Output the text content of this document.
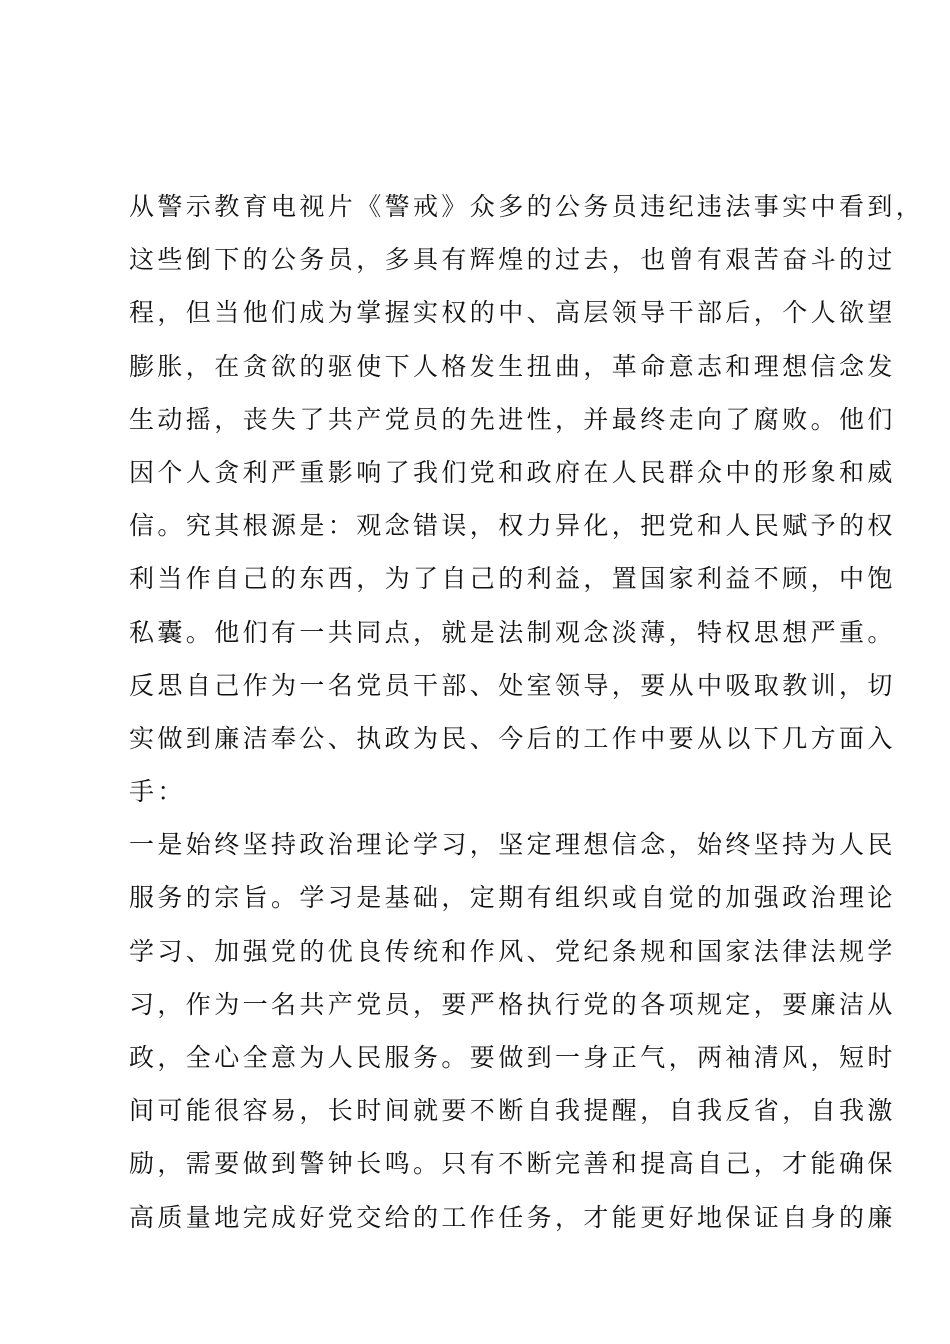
从警示教育电视片《警戒》众多的公务员违纪违法事实中看到，
这些倒下的公务员，多具有辉煌的过去，也曾有艰苦奋斗的过
程，但当他们成为掌握实权的中、高层领导干部后，个人欲望
膨胀，在贪欲的驱使下人格发生扭曲，革命意志和理想信念发
生动摇，丧失了共产党员的先进性，并最终走向了腐败。他们
因个人贪利严重影响了我们党和政府在人民群众中的形象和威
信。究其根源是：观念错误，权力异化，把党和人民赋予的权
利当作自己的东西，为了自己的利益，置国家利益不顾，中饱
私囊。他们有一共同点，就是法制观念淡薄，特权思想严重。
反思自己作为一名党员干部、处室领导，要从中吸取教训，切
实做到廉洁奉公、执政为民、今后的工作中要从以下几方面入
手：
一是始终坚持政治理论学习，坚定理想信念，始终坚持为人民
服务的宗旨。学习是基础，定期有组织或自觉的加强政治理论
学习、加强党的优良传统和作风、党纪条规和国家法律法规学
习，作为一名共产党员，要严格执行党的各项规定，要廉洁从
政，全心全意为人民服务。要做到一身正气，两袖清风，短时
间可能很容易，长时间就要不断自我提醒，自我反省，自我激
励，需要做到警钟长鸣。只有不断完善和提高自己，才能确保
高质量地完成好党交给的工作任务，才能更好地保证自身的廉
